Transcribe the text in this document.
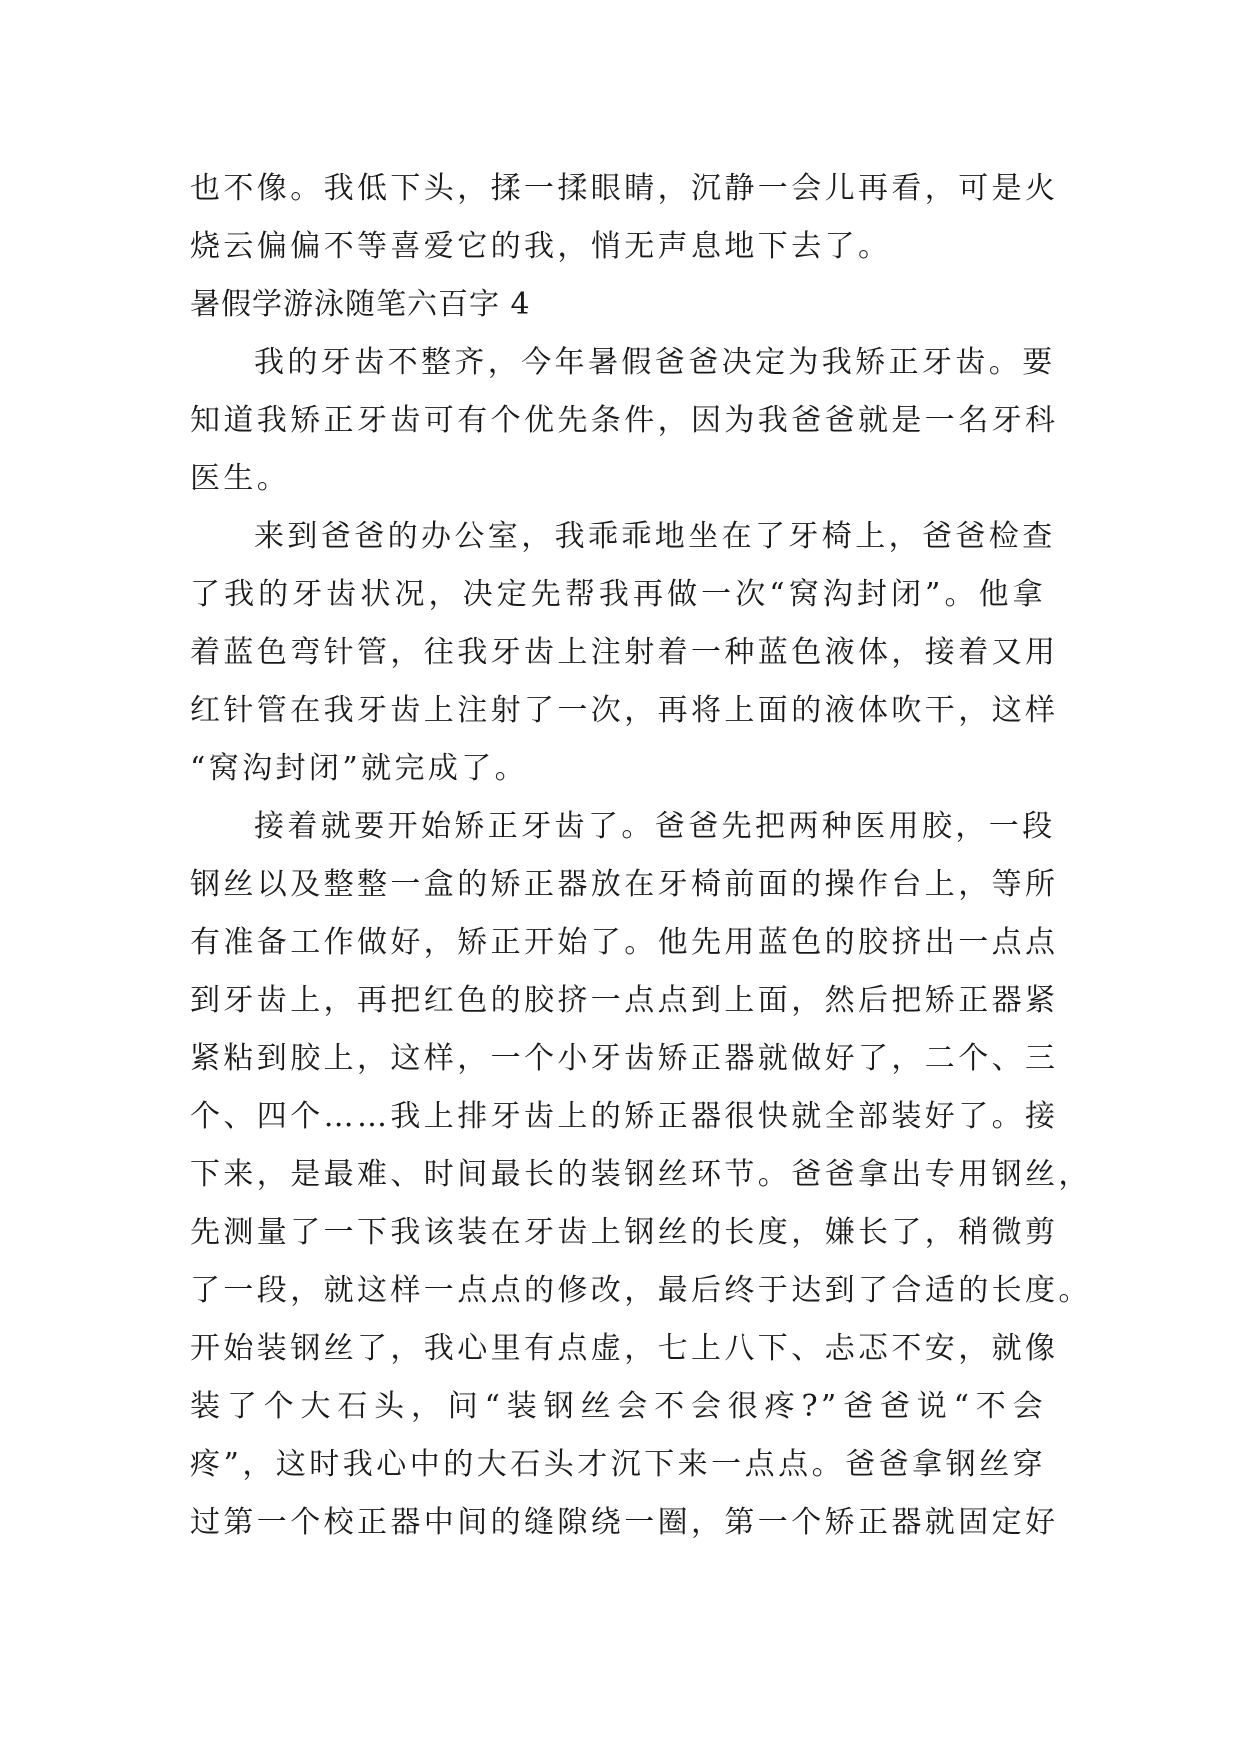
也不像。我低下头，揉一揉眼睛，沉静一会儿再看，可是火
烧云偏偏不等喜爱它的我，悄无声息地下去了。
暑假学游泳随笔六百字 4
我的牙齿不整齐，今年暑假爸爸决定为我矫正牙齿。要
知道我矫正牙齿可有个优先条件，因为我爸爸就是一名牙科
医生。
来到爸爸的办公室，我乖乖地坐在了牙椅上，爸爸检查
了我的牙齿状况，决定先帮我再做一次“窝沟封闭”。他拿
着蓝色弯针管，往我牙齿上注射着一种蓝色液体，接着又用
红针管在我牙齿上注射了一次，再将上面的液体吹干，这样
“窝沟封闭”就完成了。
接着就要开始矫正牙齿了。爸爸先把两种医用胶，一段
钢丝以及整整一盒的矫正器放在牙椅前面的操作台上，等所
有准备工作做好，矫正开始了。他先用蓝色的胶挤出一点点
到牙齿上，再把红色的胶挤一点点到上面，然后把矫正器紧
紧粘到胶上，这样，一个小牙齿矫正器就做好了，二个、三
个、四个……我上排牙齿上的矫正器很快就全部装好了。接
下来，是最难、时间最长的装钢丝环节。爸爸拿出专用钢丝，
先测量了一下我该装在牙齿上钢丝的长度，嫌长了，稍微剪
了一段，就这样一点点的修改，最后终于达到了合适的长度。
开始装钢丝了，我心里有点虚，七上八下、忐忑不安，就像
装了个大石头，问“装钢丝会不会很疼?”爸爸说“不会
疼”，这时我心中的大石头才沉下来一点点。爸爸拿钢丝穿
过第一个校正器中间的缝隙绕一圈，第一个矫正器就固定好
